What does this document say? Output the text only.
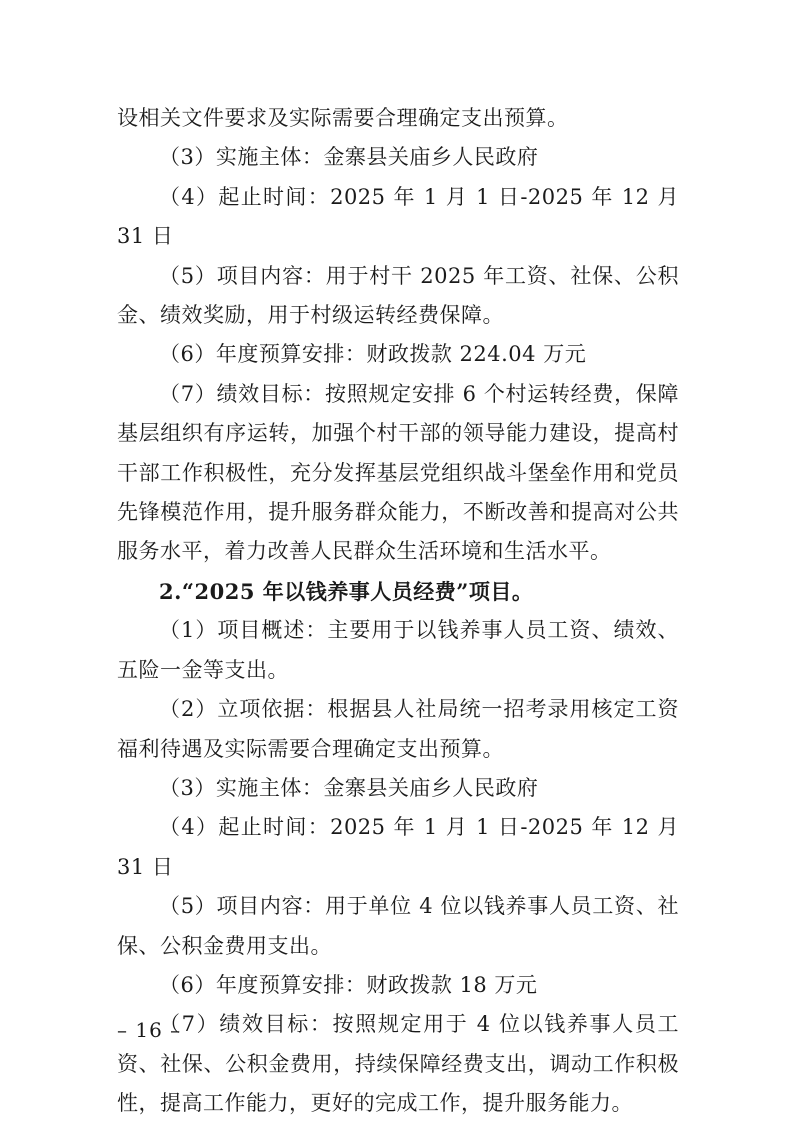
设相关文件要求及实际需要合理确定支出预算。

（3）实施主体：金寨县关庙乡人民政府

（4）起止时间：2025 年 1 月 1 日-2025 年 12 月 31 日

（5）项目内容：用于村干 2025 年工资、社保、公积金、绩效奖励，用于村级运转经费保障。

（6）年度预算安排：财政拨款 224.04 万元

（7）绩效目标：按照规定安排 6 个村运转经费，保障基层组织有序运转，加强个村干部的领导能力建设，提高村干部工作积极性，充分发挥基层党组织战斗堡垒作用和党员先锋模范作用，提升服务群众能力，不断改善和提高对公共服务水平，着力改善人民群众生活环境和生活水平。

2.“2025 年以钱养事人员经费”项目。

（1）项目概述：主要用于以钱养事人员工资、绩效、五险一金等支出。

（2）立项依据：根据县人社局统一招考录用核定工资福利待遇及实际需要合理确定支出预算。

（3）实施主体：金寨县关庙乡人民政府

（4）起止时间：2025 年 1 月 1 日-2025 年 12 月 31 日

（5）项目内容：用于单位 4 位以钱养事人员工资、社保、公积金费用支出。

（6）年度预算安排：财政拨款 18 万元

（7）绩效目标：按照规定用于 4 位以钱养事人员工资、社保、公积金费用，持续保障经费支出，调动工作积极性，提高工作能力，更好的完成工作，提升服务能力。

– 16 –
